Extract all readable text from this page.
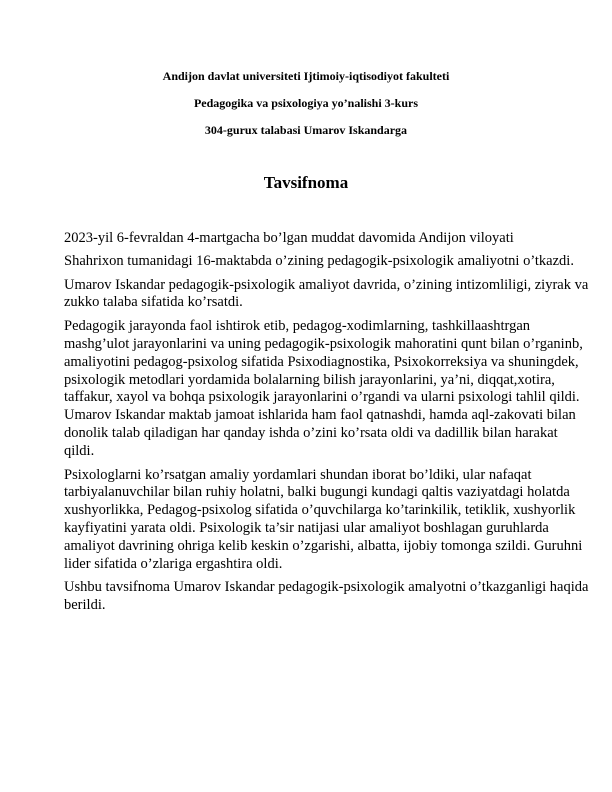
Andijon davlat universiteti Ijtimoiy-iqtisodiyot fakulteti
Pedagogika va psixologiya yo’nalishi 3-kurs
304-gurux talabasi Umarov Iskandarga
Tavsifnoma

2023-yil 6-fevraldan 4-martgacha bo’lgan muddat davomida Andijon viloyati

Shahrixon tumanidagi 16-maktabda o’zining pedagogik-psixologik amaliyotni o’tkazdi.

Umarov Iskandar pedagogik-psixologik amaliyot davrida, o’zining intizomliligi, ziyrak va zukko talaba sifatida ko’rsatdi.

Pedagogik jarayonda faol ishtirok etib, pedagog-xodimlarning, tashkillaashtrgan mashg’ulot jarayonlarini va uning pedagogik-psixologik mahoratini qunt bilan o’rganinb, amaliyotini pedagog-psixolog sifatida Psixodiagnostika, Psixokorreksiya va shuningdek, psixologik metodlari yordamida bolalarning bilish jarayonlarini, ya’ni, diqqat,xotira, taffakur, xayol va bohqa psixologik jarayonlarini o’rgandi va ularni psixologi tahlil qildi. Umarov Iskandar maktab jamoat ishlarida ham faol qatnashdi, hamda aql-zakovati bilan donolik talab qiladigan har qanday ishda o’zini ko’rsata oldi va dadillik bilan harakat qildi.

Psixologlarni ko’rsatgan amaliy yordamlari shundan iborat bo’ldiki, ular nafaqat tarbiyalanuvchilar bilan ruhiy holatni, balki bugungi kundagi qaltis vaziyatdagi holatda xushyorlikka, Pedagog-psixolog sifatida o’quvchilarga ko’tarinkilik, tetiklik, xushyorlik kayfiyatini yarata oldi. Psixologik ta’sir natijasi ular amaliyot boshlagan guruhlarda amaliyot davrining ohriga kelib keskin o’zgarishi, albatta, ijobiy tomonga szildi. Guruhni lider sifatida o’zlariga ergashtira oldi.

Ushbu tavsifnoma Umarov Iskandar pedagogik-psixologik amalyotni o’tkazganligi haqida berildi.
